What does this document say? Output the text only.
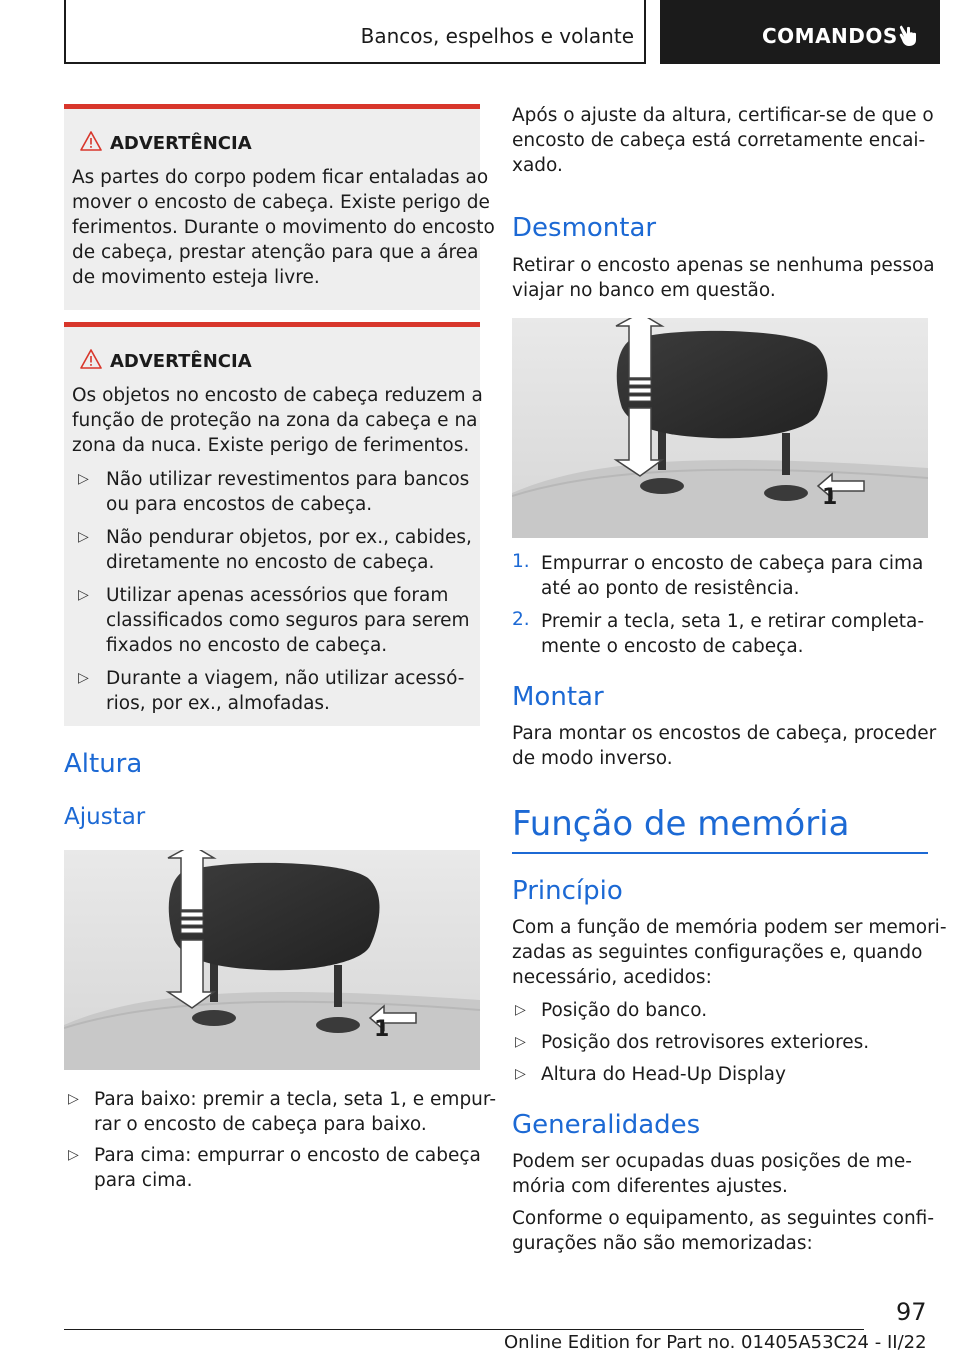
Bancos, espelhos e volante	COMANDOS
ADVERTÊNCIA
As partes do corpo podem ficar entaladas ao
mover o encosto de cabeça. Existe perigo de
ferimentos. Durante o movimento do encosto
de cabeça, prestar atenção para que a área
de movimento esteja livre.
ADVERTÊNCIA
Os objetos no encosto de cabeça reduzem a
função de proteção na zona da cabeça e na
zona da nuca. Existe perigo de ferimentos.
▷ Não utilizar revestimentos para bancos
ou para encostos de cabeça.
▷ Não pendurar objetos, por ex., cabides,
diretamente no encosto de cabeça.
▷ Utilizar apenas acessórios que foram
classificados como seguros para serem
fixados no encosto de cabeça.
▷ Durante a viagem, não utilizar acessó-
rios, por ex., almofadas.
Altura
Ajustar
1
▷ Para baixo: premir a tecla, seta 1, e empur-
rar o encosto de cabeça para baixo.
▷ Para cima: empurrar o encosto de cabeça
para cima.
Após o ajuste da altura, certificar-se de que o
encosto de cabeça está corretamente encai-
xado.
Desmontar
Retirar o encosto apenas se nenhuma pessoa
viajar no banco em questão.
1
1. Empurrar o encosto de cabeça para cima
até ao ponto de resistência.
2. Premir a tecla, seta 1, e retirar completa-
mente o encosto de cabeça.
Montar
Para montar os encostos de cabeça, proceder
de modo inverso.
Função de memória
Princípio
Com a função de memória podem ser memori-
zadas as seguintes configurações e, quando
necessário, acedidos:
▷ Posição do banco.
▷ Posição dos retrovisores exteriores.
▷ Altura do Head-Up Display
Generalidades
Podem ser ocupadas duas posições de me-
mória com diferentes ajustes.
Conforme o equipamento, as seguintes confi-
gurações não são memorizadas:
97
Online Edition for Part no. 01405A53C24 - II/22
